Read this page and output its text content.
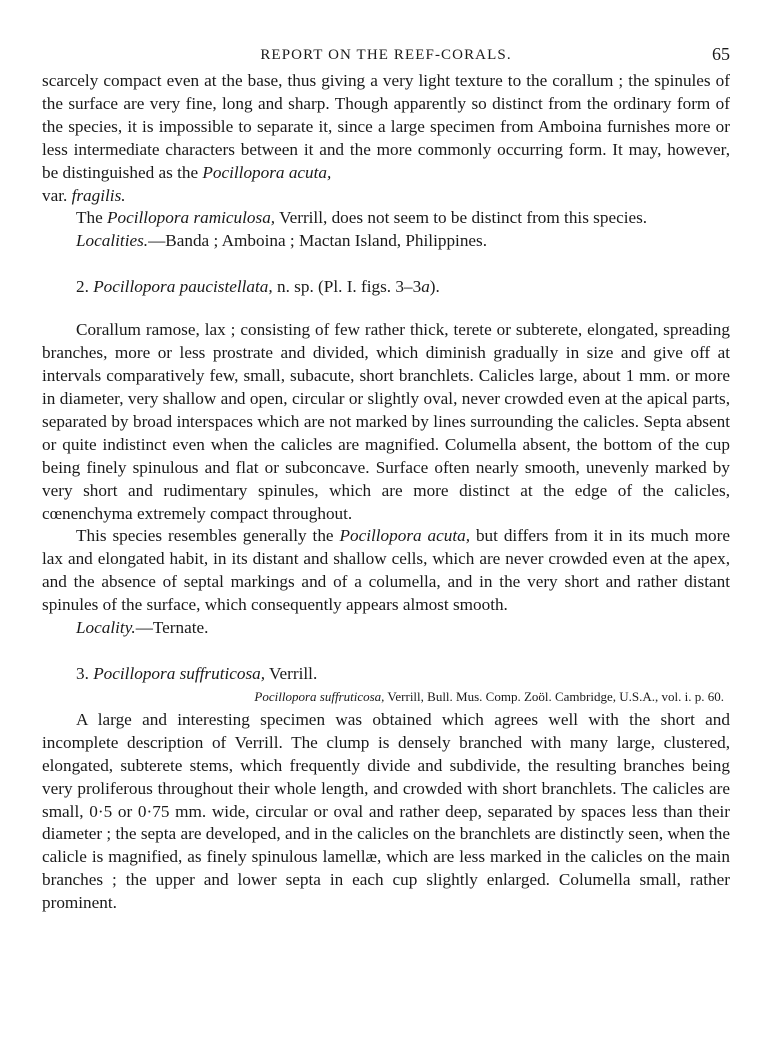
REPORT ON THE REEF-CORALS.	65

scarcely compact even at the base, thus giving a very light texture to the corallum ; the spinules of the surface are very fine, long and sharp. Though apparently so distinct from the ordinary form of the species, it is impossible to separate it, since a large specimen from Amboina furnishes more or less intermediate characters between it and the more commonly occurring form. It may, however, be distinguished as the Pocillopora acuta,
var. fragilis.

The Pocillopora ramiculosa, Verrill, does not seem to be distinct from this species.

Localities.—Banda ; Amboina ; Mactan Island, Philippines.

2. Pocillopora paucistellata, n. sp. (Pl. I. figs. 3–3a).

Corallum ramose, lax ; consisting of few rather thick, terete or subterete, elongated, spreading branches, more or less prostrate and divided, which diminish gradually in size and give off at intervals comparatively few, small, subacute, short branchlets. Calicles large, about 1 mm. or more in diameter, very shallow and open, circular or slightly oval, never crowded even at the apical parts, separated by broad interspaces which are not marked by lines surrounding the calicles. Septa absent or quite indistinct even when the calicles are magnified. Columella absent, the bottom of the cup being finely spinulous and flat or subconcave. Surface often nearly smooth, unevenly marked by very short and rudimentary spinules, which are more distinct at the edge of the calicles, cœnenchyma extremely compact throughout.

This species resembles generally the Pocillopora acuta, but differs from it in its much more lax and elongated habit, in its distant and shallow cells, which are never crowded even at the apex, and the absence of septal markings and of a columella, and in the very short and rather distant spinules of the surface, which consequently appears almost smooth.

Locality.—Ternate.

3. Pocillopora suffruticosa, Verrill.

Pocillopora suffruticosa, Verrill, Bull. Mus. Comp. Zoöl. Cambridge, U.S.A., vol. i. p. 60.

A large and interesting specimen was obtained which agrees well with the short and incomplete description of Verrill. The clump is densely branched with many large, clustered, elongated, subterete stems, which frequently divide and subdivide, the resulting branches being very proliferous throughout their whole length, and crowded with short branchlets. The calicles are small, 0·5 or 0·75 mm. wide, circular or oval and rather deep, separated by spaces less than their diameter ; the septa are developed, and in the calicles on the branchlets are distinctly seen, when the calicle is magnified, as finely spinulous lamellæ, which are less marked in the calicles on the main branches ; the upper and lower septa in each cup slightly enlarged. Columella small, rather prominent.
